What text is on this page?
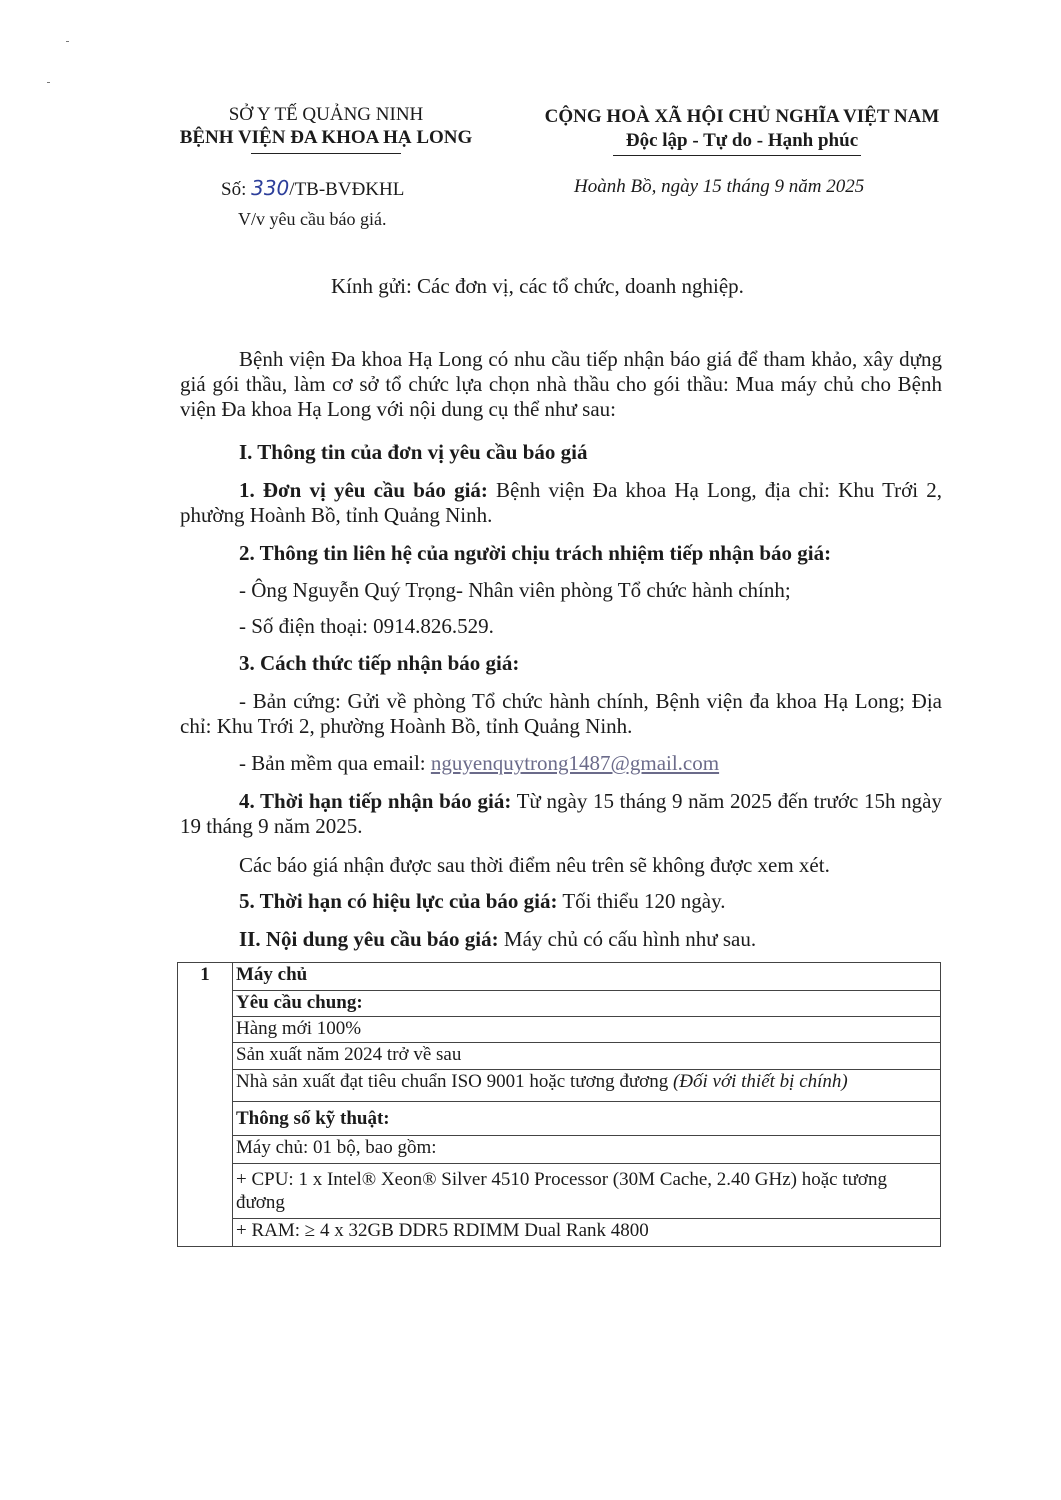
SỞ Y TẾ QUẢNG NINH
BỆNH VIỆN ĐA KHOA HẠ LONG
CỘNG HOÀ XÃ HỘI CHỦ NGHĨA VIỆT NAM
Độc lập - Tự do - Hạnh phúc
Số: 330/TB-BVĐKHL
V/v yêu cầu báo giá.
Hoành Bồ, ngày 15 tháng 9 năm 2025
Kính gửi: Các đơn vị, các tổ chức, doanh nghiệp.
Bệnh viện Đa khoa Hạ Long có nhu cầu tiếp nhận báo giá để tham khảo, xây dựng giá gói thầu, làm cơ sở tổ chức lựa chọn nhà thầu cho gói thầu: Mua máy chủ cho Bệnh viện Đa khoa Hạ Long với nội dung cụ thể như sau:
I. Thông tin của đơn vị yêu cầu báo giá
1. Đơn vị yêu cầu báo giá: Bệnh viện Đa khoa Hạ Long, địa chỉ: Khu Trới 2, phường Hoành Bồ, tỉnh Quảng Ninh.
2. Thông tin liên hệ của người chịu trách nhiệm tiếp nhận báo giá:
- Ông Nguyễn Quý Trọng- Nhân viên phòng Tổ chức hành chính;
- Số điện thoại: 0914.826.529.
3. Cách thức tiếp nhận báo giá:
- Bản cứng: Gửi về phòng Tổ chức hành chính, Bệnh viện đa khoa Hạ Long; Địa chỉ: Khu Trới 2, phường Hoành Bồ, tỉnh Quảng Ninh.
- Bản mềm qua email: nguyenquytrong1487@gmail.com
4. Thời hạn tiếp nhận báo giá: Từ ngày 15 tháng 9 năm 2025 đến trước 15h ngày 19 tháng 9 năm 2025.
Các báo giá nhận được sau thời điểm nêu trên sẽ không được xem xét.
5. Thời hạn có hiệu lực của báo giá: Tối thiểu 120 ngày.
II. Nội dung yêu cầu báo giá: Máy chủ có cấu hình như sau.
1	Máy chủ
Yêu cầu chung:
Hàng mới 100%
Sản xuất năm 2024 trở về sau
Nhà sản xuất đạt tiêu chuẩn ISO 9001 hoặc tương đương (Đối với thiết bị chính)
Thông số kỹ thuật:
Máy chủ: 01 bộ, bao gồm:
+ CPU: 1 x Intel® Xeon® Silver 4510 Processor (30M Cache, 2.40 GHz) hoặc tương đương
+ RAM: ≥ 4 x 32GB DDR5 RDIMM Dual Rank 4800
